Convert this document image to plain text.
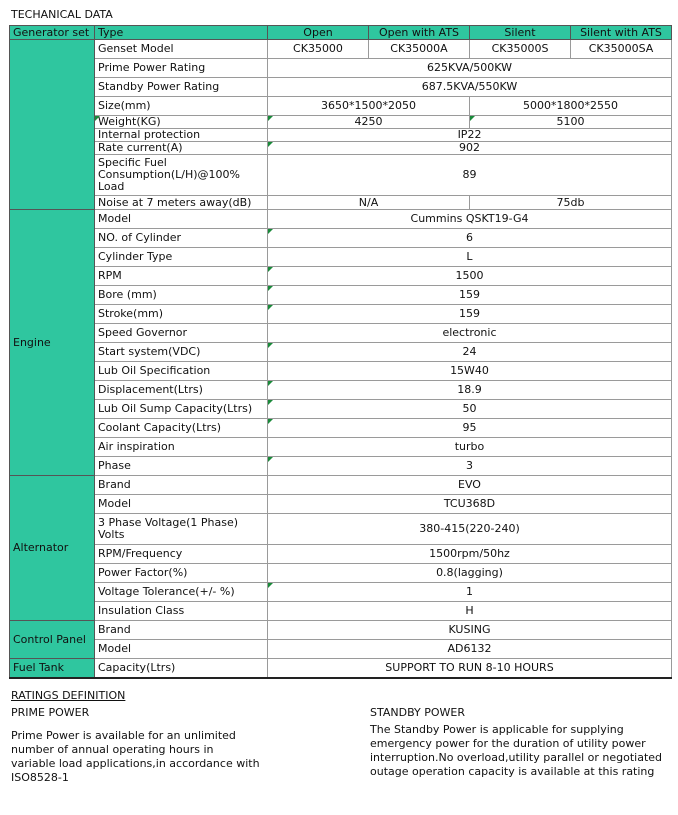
TECHANICAL DATA
Generator set	Type	Open	Open with ATS	Silent	Silent with ATS
	Genset Model	CK35000	CK35000A	CK35000S	CK35000SA
	Prime Power Rating	625KVA/500KW			
	Standby Power Rating	687.5KVA/550KW			
	Size(mm)	3650*1500*2050		5000*1800*2550	
	Weight(KG)	4250		5100	
	Internal protection	IP22			
	Rate current(A)	902			
	Specific Fuel Consumption(L/H)@100% Load	89			
	Noise at 7 meters away(dB)	N/A		75db	

Engine	Model	Cummins QSKT19-G4			
	NO. of Cylinder	6			
	Cylinder Type	L			
	RPM	1500			
	Bore (mm)	159			
	Stroke(mm)	159			
	Speed Governor	electronic			
	Start system(VDC)	24			
	Lub Oil Specification	15W40			
	Displacement(Ltrs)	18.9			
	Lub Oil Sump Capacity(Ltrs)	50			
	Coolant Capacity(Ltrs)	95			
	Air inspiration	turbo			
	Phase	3			
Alternator	Brand	EVO			
	Model	TCU368D			
	3 Phase Voltage(1 Phase) Volts	380-415(220-240)			
	RPM/Frequency	1500rpm/50hz			
	Power Factor(%)	0.8(lagging)			
	Voltage Tolerance(+/- %)	1			
	Insulation Class	H			
Control Panel	Brand	KUSING			
	Model	AD6132			
Fuel Tank	Capacity(Ltrs)	SUPPORT TO RUN 8-10 HOURS			
RATINGS DEFINITION
PRIME POWER
Prime Power is available for an unlimited number of annual operating hours in variable load applications,in accordance with ISO8528-1
STANDBY POWER
The Standby Power is applicable for supplying emergency power for the duration of utility power interruption.No overload,utility parallel or negotiated outage operation capacity is available at this rating
